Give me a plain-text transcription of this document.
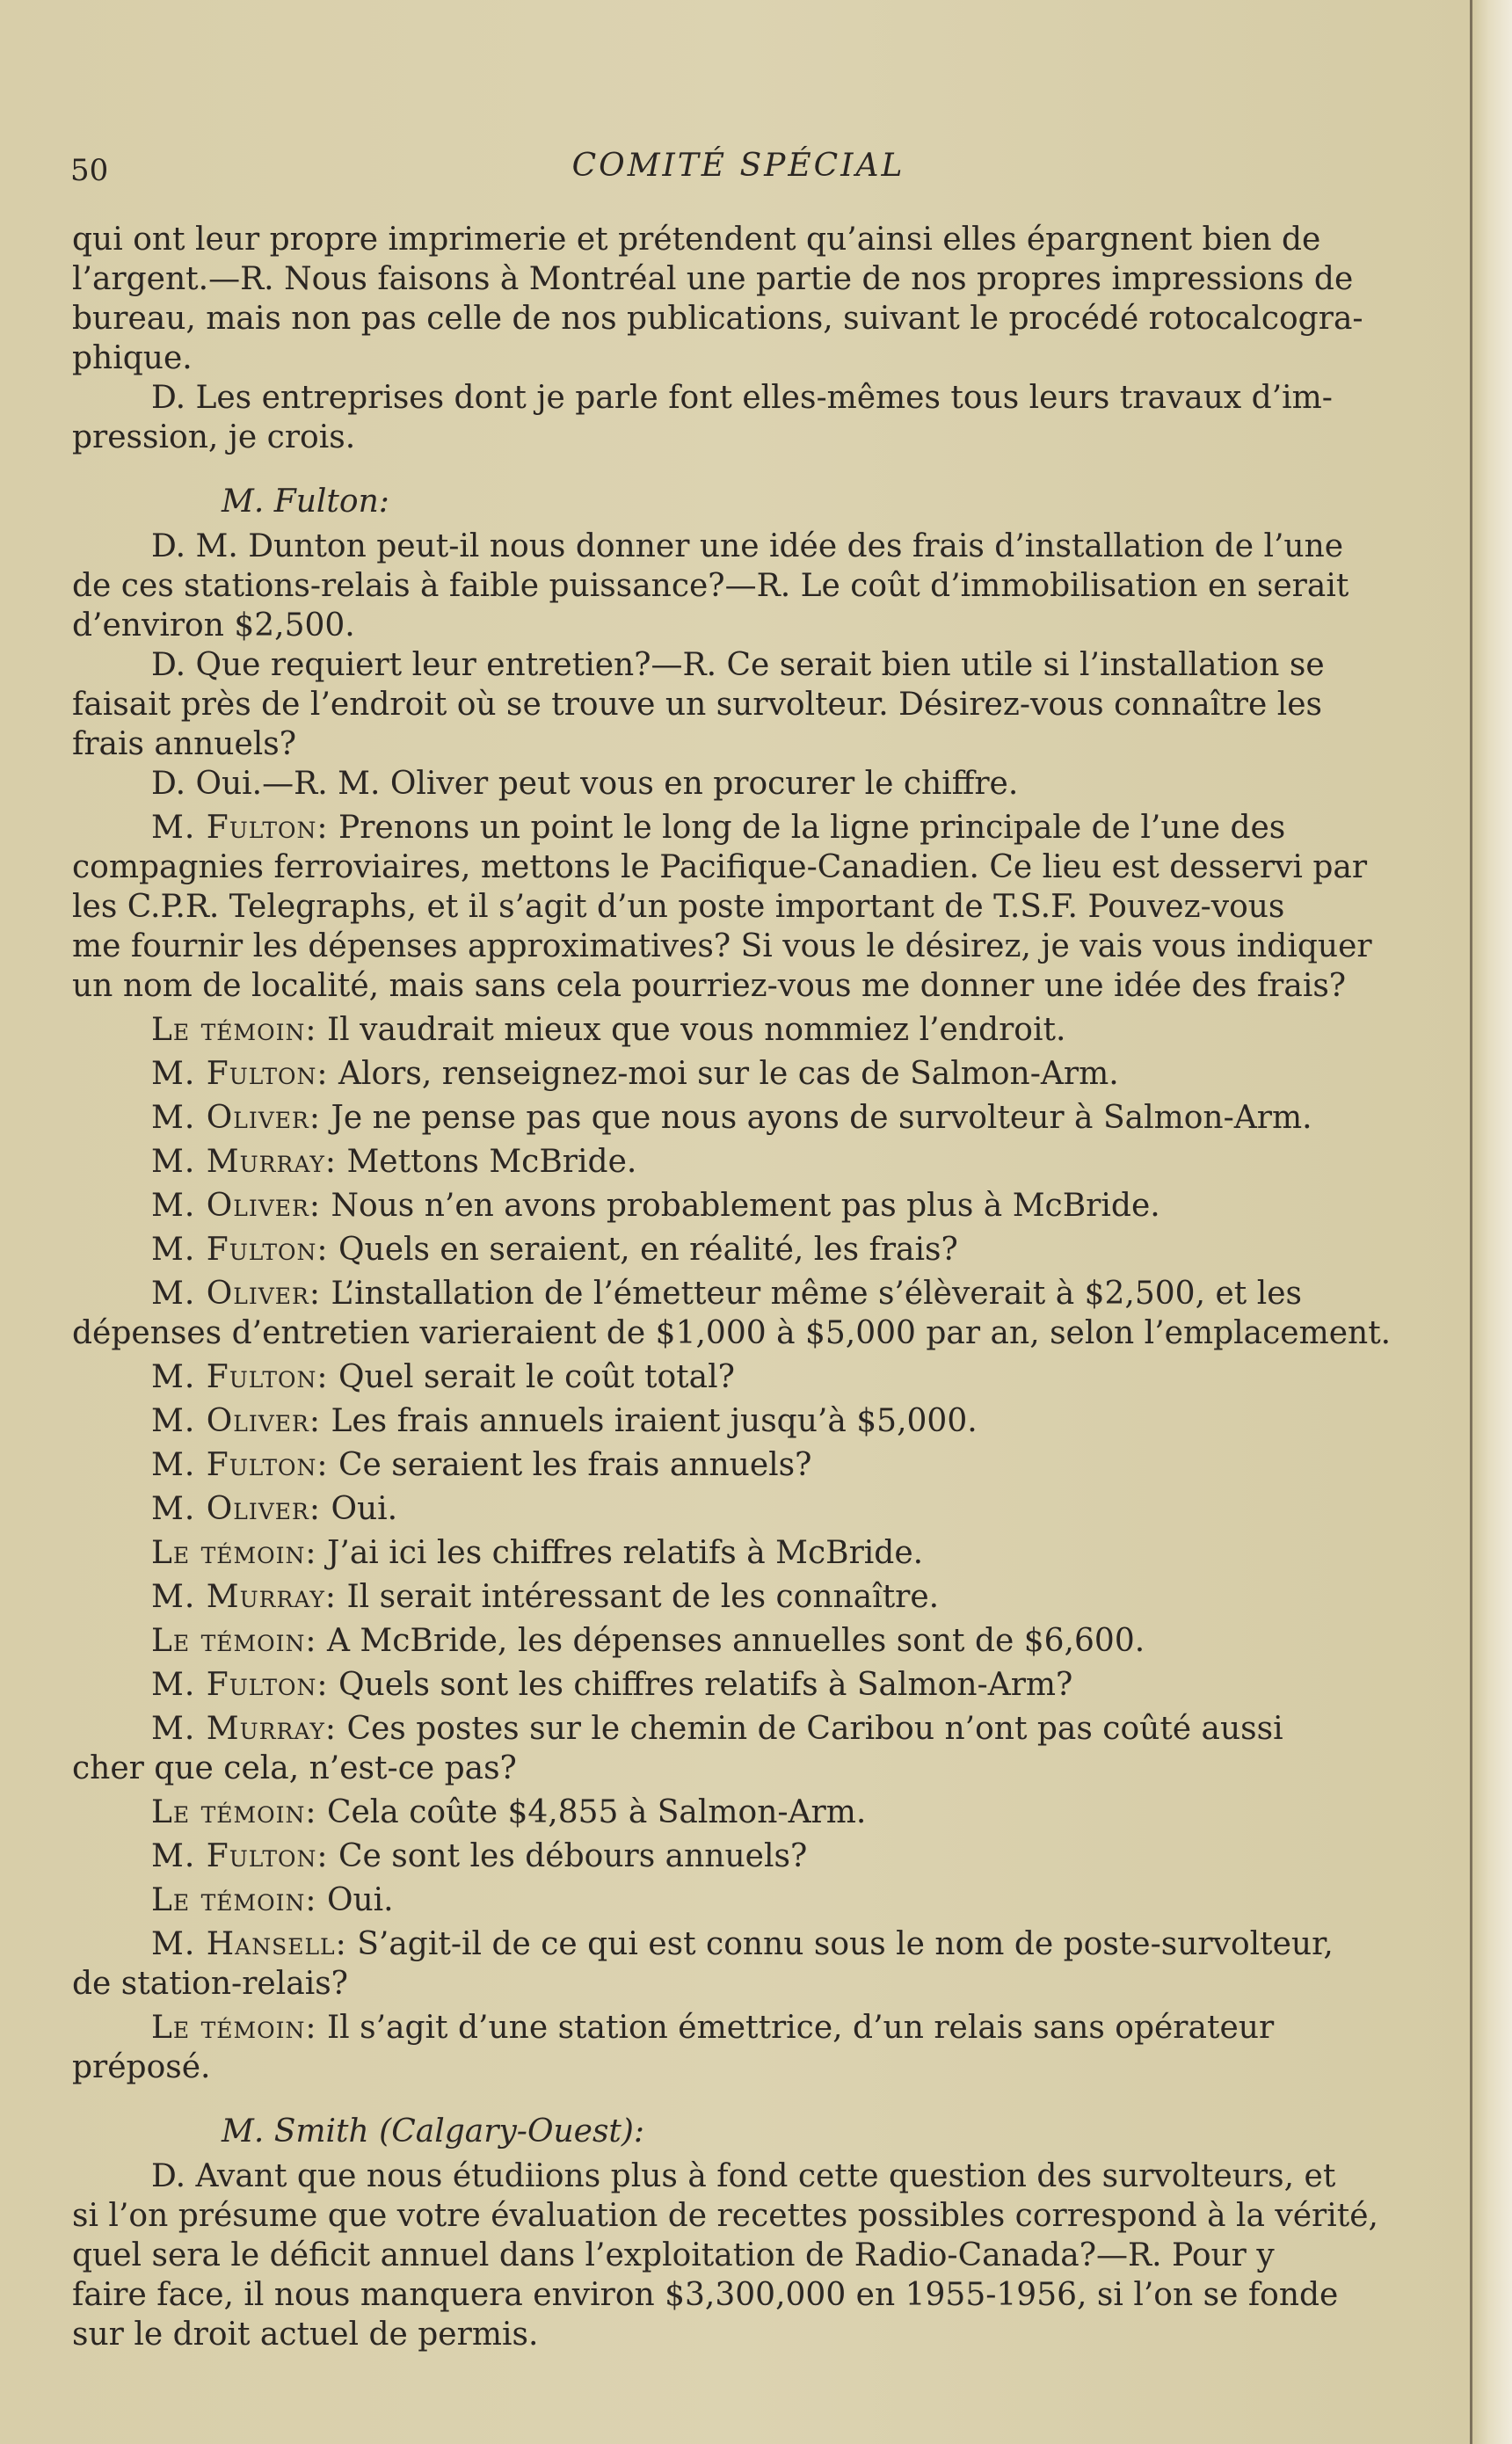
50	COMITÉ SPÉCIAL

qui ont leur propre imprimerie et prétendent qu’ainsi elles épargnent bien de

l’argent.—R. Nous faisons à Montréal une partie de nos propres impressions de

bureau, mais non pas celle de nos publications, suivant le procédé rotocalcogra-

phique.

D. Les entreprises dont je parle font elles-mêmes tous leurs travaux d’im-

pression, je crois.

M. Fulton:

D. M. Dunton peut-il nous donner une idée des frais d’installation de l’une

de ces stations-relais à faible puissance?—R. Le coût d’immobilisation en serait

d’environ $2,500.

D. Que requiert leur entretien?—R. Ce serait bien utile si l’installation se

faisait près de l’endroit où se trouve un survolteur. Désirez-vous connaître les

frais annuels?

D. Oui.—R. M. Oliver peut vous en procurer le chiffre.

M. Fulton: Prenons un point le long de la ligne principale de l’une des

compagnies ferroviaires, mettons le Pacifique-Canadien. Ce lieu est desservi par

les C.P.R. Telegraphs, et il s’agit d’un poste important de T.S.F. Pouvez-vous

me fournir les dépenses approximatives? Si vous le désirez, je vais vous indiquer

un nom de localité, mais sans cela pourriez-vous me donner une idée des frais?

Le témoin: Il vaudrait mieux que vous nommiez l’endroit.

M. Fulton: Alors, renseignez-moi sur le cas de Salmon-Arm.

M. Oliver: Je ne pense pas que nous ayons de survolteur à Salmon-Arm.

M. Murray: Mettons McBride.

M. Oliver: Nous n’en avons probablement pas plus à McBride.

M. Fulton: Quels en seraient, en réalité, les frais?

M. Oliver: L’installation de l’émetteur même s’élèverait à $2,500, et les

dépenses d’entretien varieraient de $1,000 à $5,000 par an, selon l’emplacement.

M. Fulton: Quel serait le coût total?

M. Oliver: Les frais annuels iraient jusqu’à $5,000.

M. Fulton: Ce seraient les frais annuels?

M. Oliver: Oui.

Le témoin: J’ai ici les chiffres relatifs à McBride.

M. Murray: Il serait intéressant de les connaître.

Le témoin: A McBride, les dépenses annuelles sont de $6,600.

M. Fulton: Quels sont les chiffres relatifs à Salmon-Arm?

M. Murray: Ces postes sur le chemin de Caribou n’ont pas coûté aussi

cher que cela, n’est-ce pas?

Le témoin: Cela coûte $4,855 à Salmon-Arm.

M. Fulton: Ce sont les débours annuels?

Le témoin: Oui.

M. Hansell: S’agit-il de ce qui est connu sous le nom de poste-survolteur,

de station-relais?

Le témoin: Il s’agit d’une station émettrice, d’un relais sans opérateur

préposé.

M. Smith (Calgary-Ouest):

D. Avant que nous étudiions plus à fond cette question des survolteurs, et

si l’on présume que votre évaluation de recettes possibles correspond à la vérité,

quel sera le déficit annuel dans l’exploitation de Radio-Canada?—R. Pour y

faire face, il nous manquera environ $3,300,000 en 1955-1956, si l’on se fonde

sur le droit actuel de permis.
